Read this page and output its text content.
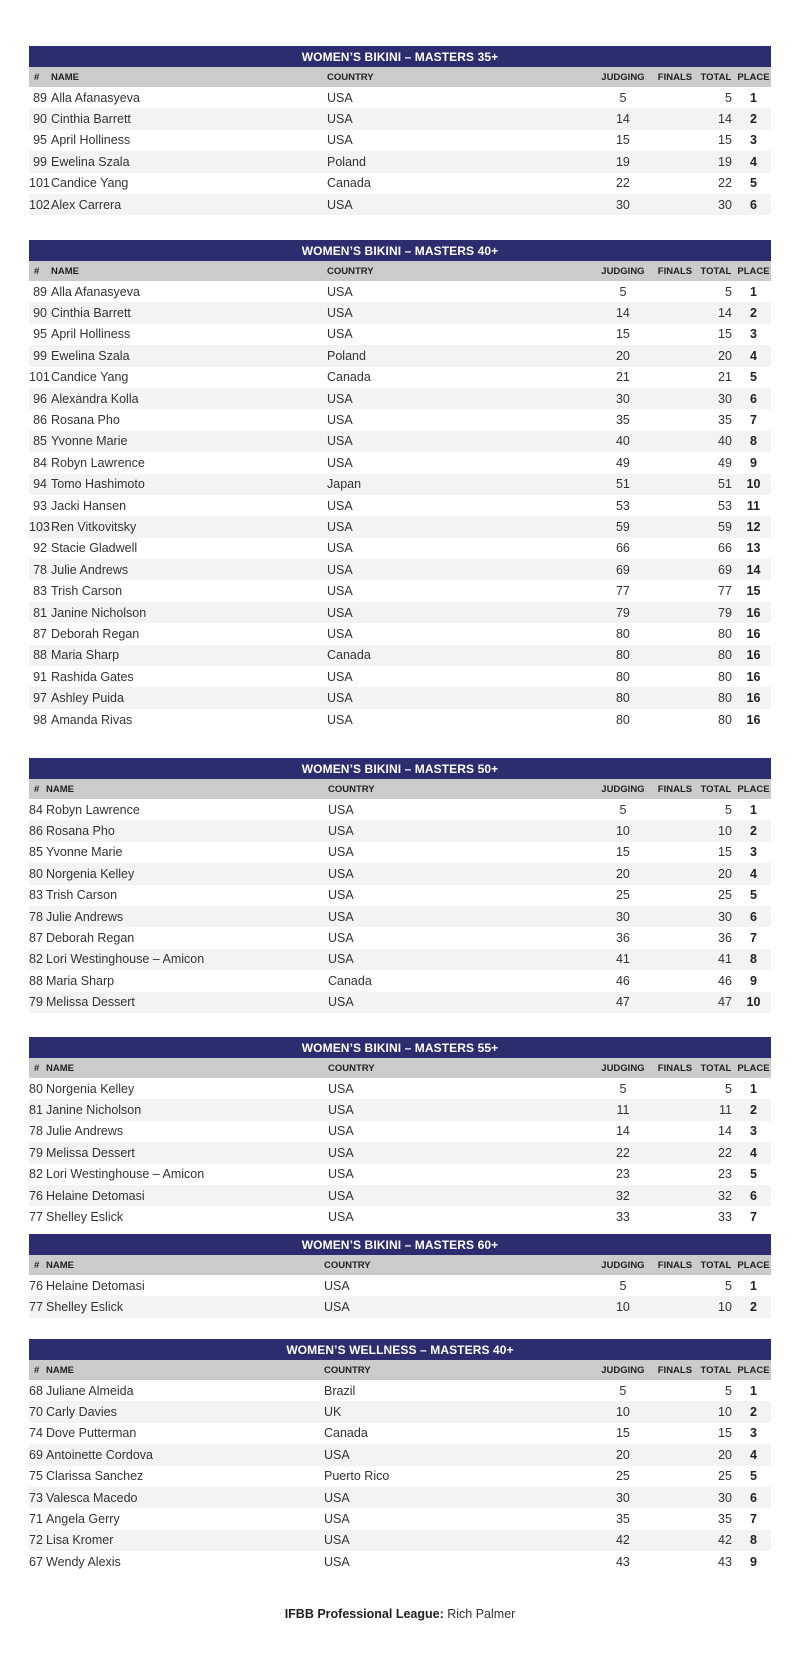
WOMEN’S BIKINI – MASTERS 35+						
#	NAME	COUNTRY	JUDGING	FINALS	TOTAL	PLACE
89	Alla Afanasyeva	USA	5		5	1
90	Cinthia Barrett	USA	14		14	2
95	April Holliness	USA	15		15	3
99	Ewelina Szala	Poland	19		19	4
101	Candice Yang	Canada	22		22	5
102	Alex Carrera	USA	30		30	6
WOMEN’S BIKINI – MASTERS 40+						
#	NAME	COUNTRY	JUDGING	FINALS	TOTAL	PLACE
89	Alla Afanasyeva	USA	5		5	1
90	Cinthia Barrett	USA	14		14	2
95	April Holliness	USA	15		15	3
99	Ewelina Szala	Poland	20		20	4
101	Candice Yang	Canada	21		21	5
96	Alexandra Kolla	USA	30		30	6
86	Rosana Pho	USA	35		35	7
85	Yvonne Marie	USA	40		40	8
84	Robyn Lawrence	USA	49		49	9
94	Tomo Hashimoto	Japan	51		51	10
93	Jacki Hansen	USA	53		53	11
103	Ren Vitkovitsky	USA	59		59	12
92	Stacie Gladwell	USA	66		66	13
78	Julie Andrews	USA	69		69	14
83	Trish Carson	USA	77		77	15
81	Janine Nicholson	USA	79		79	16
87	Deborah Regan	USA	80		80	16
88	Maria Sharp	Canada	80		80	16
91	Rashida Gates	USA	80		80	16
97	Ashley Puida	USA	80		80	16
98	Amanda Rivas	USA	80		80	16
WOMEN’S BIKINI – MASTERS 50+						
#	NAME	COUNTRY	JUDGING	FINALS	TOTAL	PLACE
84	Robyn Lawrence	USA	5		5	1
86	Rosana Pho	USA	10		10	2
85	Yvonne Marie	USA	15		15	3
80	Norgenia Kelley	USA	20		20	4
83	Trish Carson	USA	25		25	5
78	Julie Andrews	USA	30		30	6
87	Deborah Regan	USA	36		36	7
82	Lori Westinghouse – Amicon	USA	41		41	8
88	Maria Sharp	Canada	46		46	9
79	Melissa Dessert	USA	47		47	10
WOMEN’S BIKINI – MASTERS 55+						
#	NAME	COUNTRY	JUDGING	FINALS	TOTAL	PLACE
80	Norgenia Kelley	USA	5		5	1
81	Janine Nicholson	USA	11		11	2
78	Julie Andrews	USA	14		14	3
79	Melissa Dessert	USA	22		22	4
82	Lori Westinghouse – Amicon	USA	23		23	5
76	Helaine Detomasi	USA	32		32	6
77	Shelley Eslick	USA	33		33	7
WOMEN’S BIKINI – MASTERS 60+						
#	NAME	COUNTRY	JUDGING	FINALS	TOTAL	PLACE
76	Helaine Detomasi	USA	5		5	1
77	Shelley Eslick	USA	10		10	2
WOMEN’S WELLNESS – MASTERS 40+						
#	NAME	COUNTRY	JUDGING	FINALS	TOTAL	PLACE
68	Juliane Almeida	Brazil	5		5	1
70	Carly Davies	UK	10		10	2
74	Dove Putterman	Canada	15		15	3
69	Antoinette Cordova	USA	20		20	4
75	Clarissa Sanchez	Puerto Rico	25		25	5
73	Valesca Macedo	USA	30		30	6
71	Angela Gerry	USA	35		35	7
72	Lisa Kromer	USA	42		42	8
67	Wendy Alexis	USA	43		43	9
IFBB Professional League: Rich Palmer
